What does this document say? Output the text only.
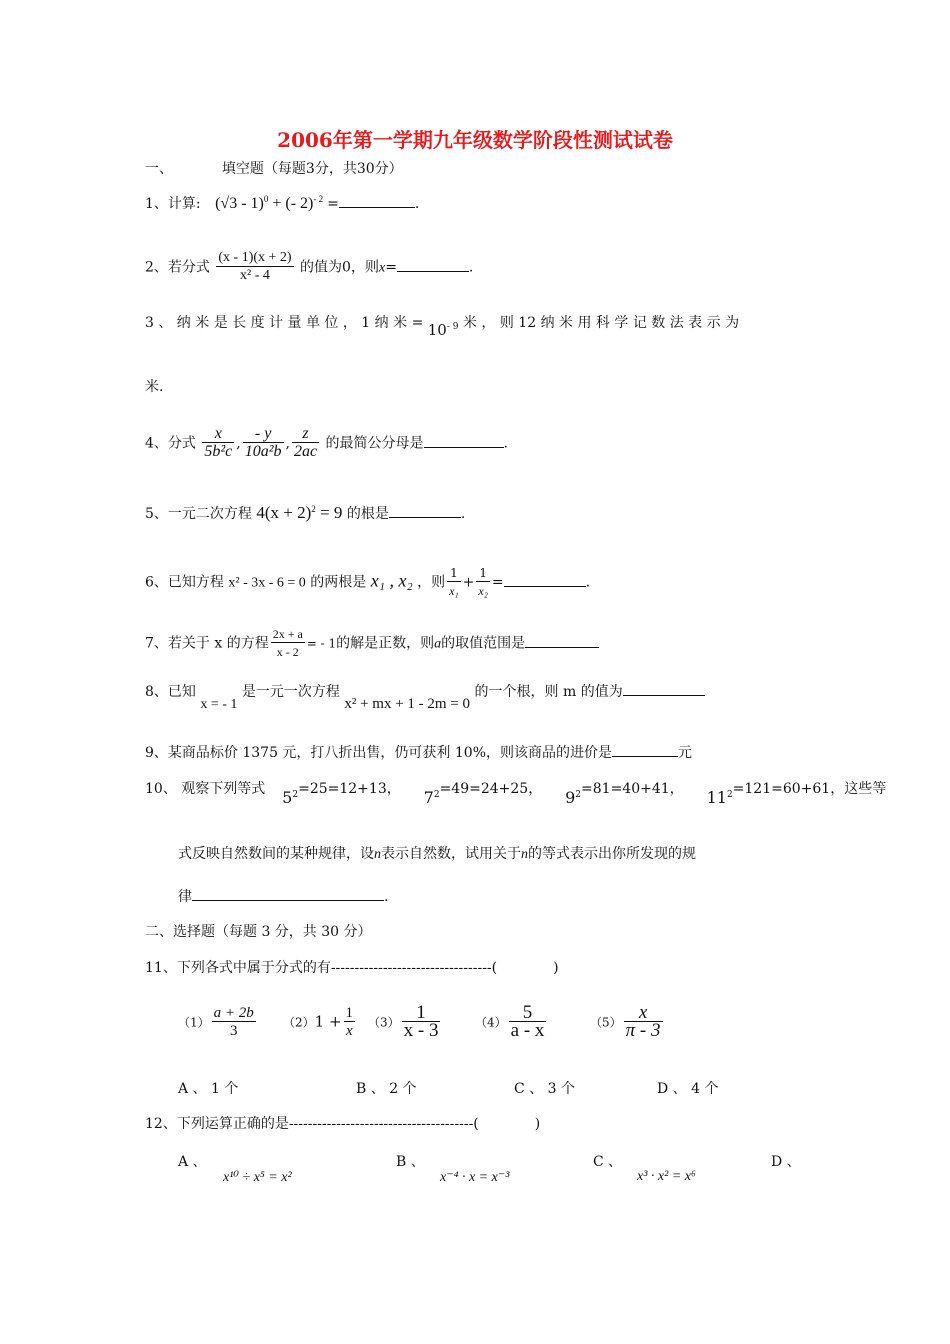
2006年第一学期九年级数学阶段性测试试卷
一、	填空题（每题3分，共30分）
1、计算: (√3 - 1)$^0$ + (- 2)$^{- 2}$ =	.
2、若分式 $\frac{(x - 1)(x + 2)}{\text{x² - 4}}$ 的值为0，则x=	.
3 、 纳 米 是 长 度 计 量 单 位 ， 1 纳 米 = $10^{- 9}$ 米 ， 则 12 纳 米 用 科 学 记 数 法 表 示 为
米.
4、分式 $\frac{x}{\text{5b²c}}$ , $\frac{- y}{\text{10a²b}}$ , $\frac{z}{2ac}$ 的最简公分母是	.
5、一元二次方程 $4(x + 2)^2 = 9$ 的根是	.
6、已知方程 x² - 3x - 6 = 0 的两根是 x₁ , x₂ ，则 $\frac{1}{\text{x₁}} + \frac{1}{\text{x₂}}$ =	.
7、若关于 x 的方程 $\frac{2x + a}{x - 2}$ = - 1的解是正数，则a的取值范围是
8、已知 x = - 1 是一元一次方程 x² + mx + 1 - 2m = 0 的一个根，则 m 的值为
9、某商品标价 1375 元，打八折出售，仍可获利 10%，则该商品的进价是	元
10、 观察下列等式 $5^2=25=12+13$， $7^2=49=24+25$， $9^2=81=40+41$， $11^2=121=60+61$，这些等
式反映自然数间的某种规律，设n表示自然数，试用关于n的等式表示出你所发现的规
律	.
二、选择题（每题 3 分，共 30 分）
11、下列各式中属于分式的有----------------------------------(　　　　)
$(1) \frac{a + 2b}{3} (2)1 + \frac{1}{x} (3) \frac{1}{x - 3}$	$(4) \frac{5}{a - x}$	$(5) \frac{x}{\pi - 3}$
A 、 1 个	B 、 2 个	C 、 3 个	D 、 4 个
12、下列运算正确的是---------------------------------------(　　　　)
A 、
x¹⁰ ÷ x⁵ = x²
B 、
x⁻⁴ · x = x⁻³
C 、
x³ · x² = x⁶
D 、
